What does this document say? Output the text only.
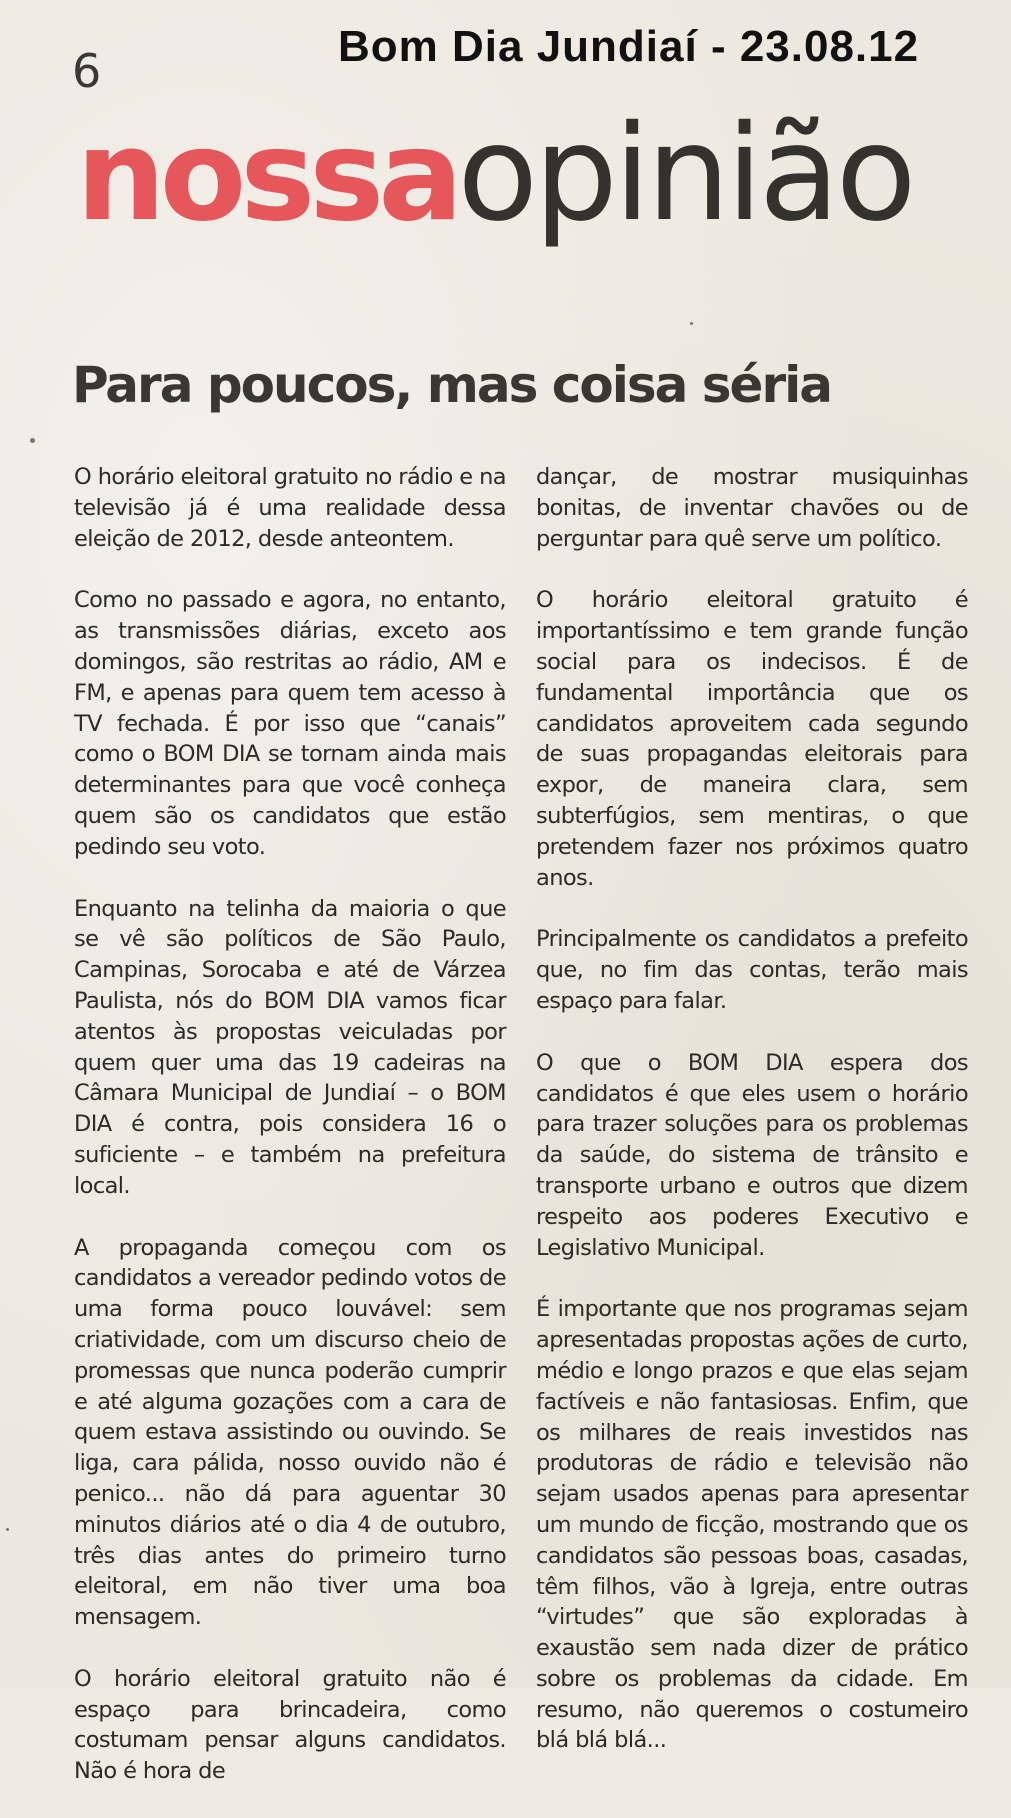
6	Bom Dia Jundiaí - 23.08.12
nossaopinião
Para poucos, mas coisa séria

O horário eleitoral gratuito no rádio e na televisão já é uma realidade dessa eleição de 2012, desde anteontem.

Como no passado e agora, no entanto, as transmissões diárias, exceto aos domingos, são restritas ao rádio, AM e FM, e apenas para quem tem acesso à TV fechada. É por isso que “canais” como o BOM DIA se tornam ainda mais determinantes para que você conheça quem são os candidatos que estão pedindo seu voto.

Enquanto na telinha da maioria o que se vê são políticos de São Paulo, Campinas, Sorocaba e até de Várzea Paulista, nós do BOM DIA vamos ficar atentos às propostas veiculadas por quem quer uma das 19 cadeiras na Câmara Municipal de Jundiaí – o BOM DIA é contra, pois considera 16 o suficiente – e também na prefeitura local.

A propaganda começou com os candidatos a vereador pedindo votos de uma forma pouco louvável: sem criatividade, com um discurso cheio de promessas que nunca poderão cumprir e até alguma gozações com a cara de quem estava assistindo ou ouvindo. Se liga, cara pálida, nosso ouvido não é penico... não dá para aguentar 30 minutos diários até o dia 4 de outubro, três dias antes do primeiro turno eleitoral, em não tiver uma boa mensagem.

O horário eleitoral gratuito não é espaço para brincadeira, como costumam pensar alguns candidatos. Não é hora de

dançar, de mostrar musiquinhas bonitas, de inventar chavões ou de perguntar para quê serve um político.

O horário eleitoral gratuito é importantíssimo e tem grande função social para os indecisos. É de fundamental importância que os candidatos aproveitem cada segundo de suas propagandas eleitorais para expor, de maneira clara, sem subterfúgios, sem mentiras, o que pretendem fazer nos próximos quatro anos.

Principalmente os candidatos a prefeito que, no fim das contas, terão mais espaço para falar.

O que o BOM DIA espera dos candidatos é que eles usem o horário para trazer soluções para os problemas da saúde, do sistema de trânsito e transporte urbano e outros que dizem respeito aos poderes Executivo e Legislativo Municipal.

É importante que nos programas sejam apresentadas propostas ações de curto, médio e longo prazos e que elas sejam factíveis e não fantasiosas. Enfim, que os milhares de reais investidos nas produtoras de rádio e televisão não sejam usados apenas para apresentar um mundo de ficção, mostrando que os candidatos são pessoas boas, casadas, têm filhos, vão à Igreja, entre outras “virtudes” que são exploradas à exaustão sem nada dizer de prático sobre os problemas da cidade. Em resumo, não queremos o costumeiro blá blá blá...
